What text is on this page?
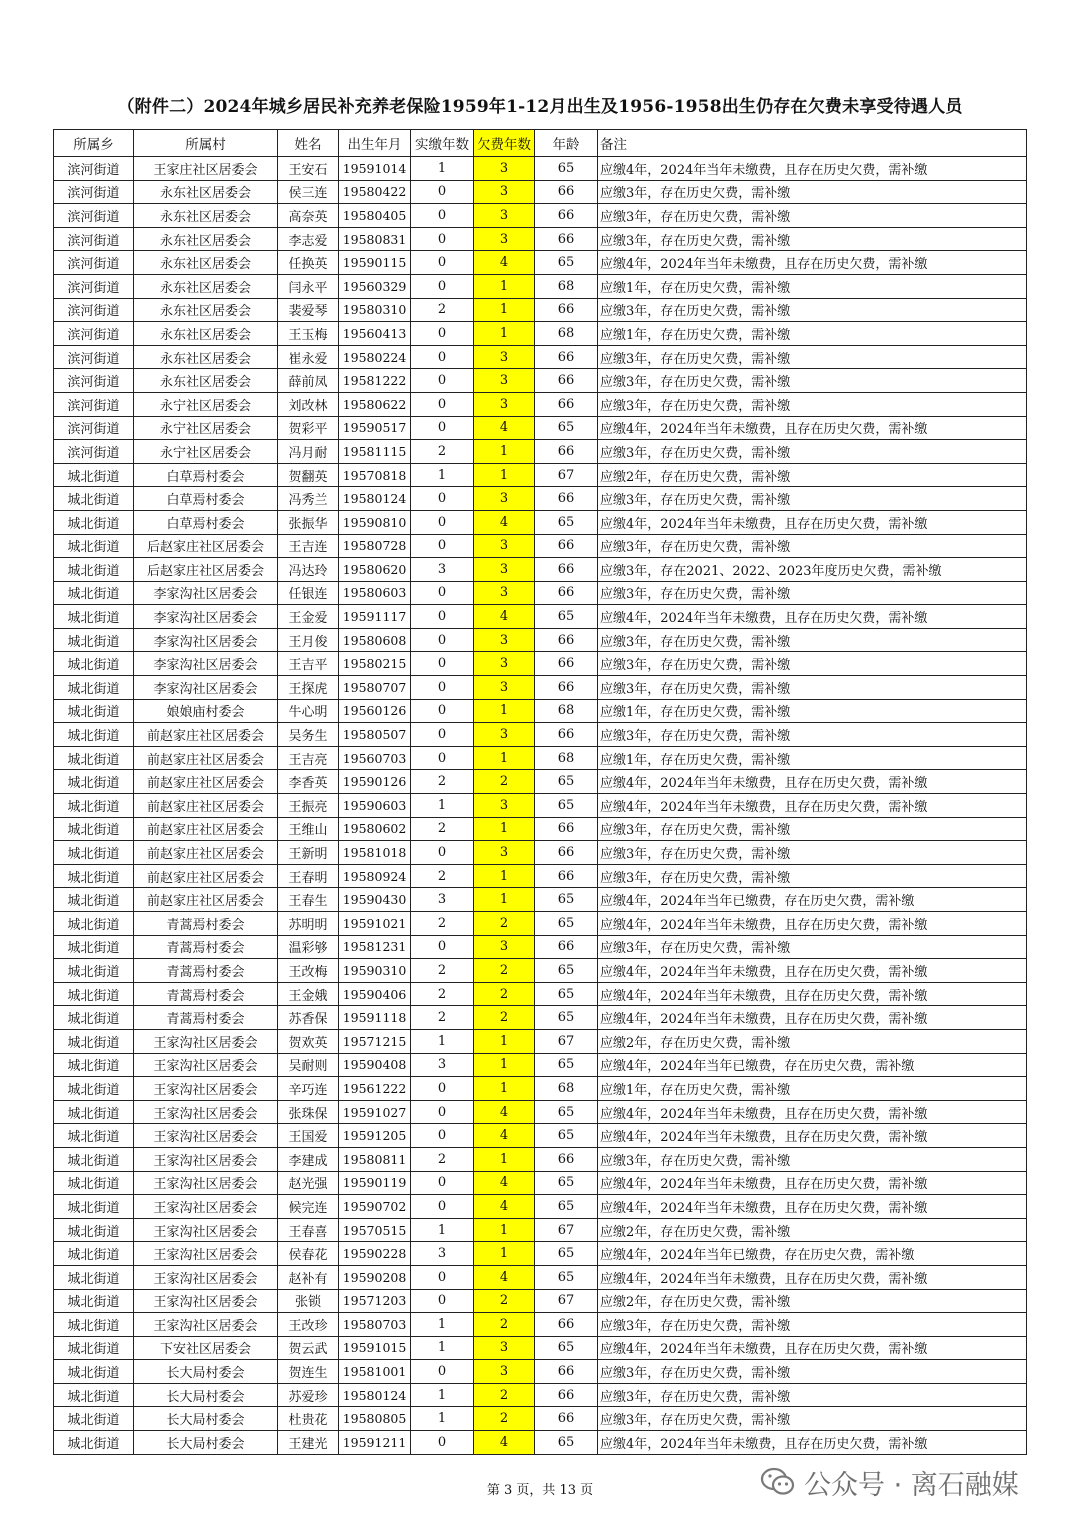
（附件二）2024年城乡居民补充养老保险1959年1-12月出生及1956-1958出生仍存在欠费未享受待遇人员
所属乡	所属村	姓名	出生年月	实缴年数	欠费年数	年龄	备注
滨河街道	王家庄社区居委会	王安石	19591014	1	3	65	应缴4年，2024年当年未缴费，且存在历史欠费，需补缴
滨河街道	永东社区居委会	侯三连	19580422	0	3	66	应缴3年，存在历史欠费，需补缴
滨河街道	永东社区居委会	高奈英	19580405	0	3	66	应缴3年，存在历史欠费，需补缴
滨河街道	永东社区居委会	李志爱	19580831	0	3	66	应缴3年，存在历史欠费，需补缴
滨河街道	永东社区居委会	任换英	19590115	0	4	65	应缴4年，2024年当年未缴费，且存在历史欠费，需补缴
滨河街道	永东社区居委会	闫永平	19560329	0	1	68	应缴1年，存在历史欠费，需补缴
滨河街道	永东社区居委会	裴爱琴	19580310	2	1	66	应缴3年，存在历史欠费，需补缴
滨河街道	永东社区居委会	王玉梅	19560413	0	1	68	应缴1年，存在历史欠费，需补缴
滨河街道	永东社区居委会	崔永爱	19580224	0	3	66	应缴3年，存在历史欠费，需补缴
滨河街道	永东社区居委会	薛前凤	19581222	0	3	66	应缴3年，存在历史欠费，需补缴
滨河街道	永宁社区居委会	刘改林	19580622	0	3	66	应缴3年，存在历史欠费，需补缴
滨河街道	永宁社区居委会	贺彩平	19590517	0	4	65	应缴4年，2024年当年未缴费，且存在历史欠费，需补缴
滨河街道	永宁社区居委会	冯月耐	19581115	2	1	66	应缴3年，存在历史欠费，需补缴
城北街道	白草焉村委会	贺翻英	19570818	1	1	67	应缴2年，存在历史欠费，需补缴
城北街道	白草焉村委会	冯秀兰	19580124	0	3	66	应缴3年，存在历史欠费，需补缴
城北街道	白草焉村委会	张振华	19590810	0	4	65	应缴4年，2024年当年未缴费，且存在历史欠费，需补缴
城北街道	后赵家庄社区居委会	王吉连	19580728	0	3	66	应缴3年，存在历史欠费，需补缴
城北街道	后赵家庄社区居委会	冯达玲	19580620	3	3	66	应缴3年，存在2021、2022、2023年度历史欠费，需补缴
城北街道	李家沟社区居委会	任银连	19580603	0	3	66	应缴3年，存在历史欠费，需补缴
城北街道	李家沟社区居委会	王金爱	19591117	0	4	65	应缴4年，2024年当年未缴费，且存在历史欠费，需补缴
城北街道	李家沟社区居委会	王月俊	19580608	0	3	66	应缴3年，存在历史欠费，需补缴
城北街道	李家沟社区居委会	王吉平	19580215	0	3	66	应缴3年，存在历史欠费，需补缴
城北街道	李家沟社区居委会	王探虎	19580707	0	3	66	应缴3年，存在历史欠费，需补缴
城北街道	娘娘庙村委会	牛心明	19560126	0	1	68	应缴1年，存在历史欠费，需补缴
城北街道	前赵家庄社区居委会	吴务生	19580507	0	3	66	应缴3年，存在历史欠费，需补缴
城北街道	前赵家庄社区居委会	王吉亮	19560703	0	1	68	应缴1年，存在历史欠费，需补缴
城北街道	前赵家庄社区居委会	李香英	19590126	2	2	65	应缴4年，2024年当年未缴费，且存在历史欠费，需补缴
城北街道	前赵家庄社区居委会	王振亮	19590603	1	3	65	应缴4年，2024年当年未缴费，且存在历史欠费，需补缴
城北街道	前赵家庄社区居委会	王维山	19580602	2	1	66	应缴3年，存在历史欠费，需补缴
城北街道	前赵家庄社区居委会	王新明	19581018	0	3	66	应缴3年，存在历史欠费，需补缴
城北街道	前赵家庄社区居委会	王春明	19580924	2	1	66	应缴3年，存在历史欠费，需补缴
城北街道	前赵家庄社区居委会	王春生	19590430	3	1	65	应缴4年，2024年当年已缴费，存在历史欠费，需补缴
城北街道	青蒿焉村委会	苏明明	19591021	2	2	65	应缴4年，2024年当年未缴费，且存在历史欠费，需补缴
城北街道	青蒿焉村委会	温彩够	19581231	0	3	66	应缴3年，存在历史欠费，需补缴
城北街道	青蒿焉村委会	王改梅	19590310	2	2	65	应缴4年，2024年当年未缴费，且存在历史欠费，需补缴
城北街道	青蒿焉村委会	王金娥	19590406	2	2	65	应缴4年，2024年当年未缴费，且存在历史欠费，需补缴
城北街道	青蒿焉村委会	苏香保	19591118	2	2	65	应缴4年，2024年当年未缴费，且存在历史欠费，需补缴
城北街道	王家沟社区居委会	贺欢英	19571215	1	1	67	应缴2年，存在历史欠费，需补缴
城北街道	王家沟社区居委会	吴耐则	19590408	3	1	65	应缴4年，2024年当年已缴费，存在历史欠费，需补缴
城北街道	王家沟社区居委会	辛巧连	19561222	0	1	68	应缴1年，存在历史欠费，需补缴
城北街道	王家沟社区居委会	张珠保	19591027	0	4	65	应缴4年，2024年当年未缴费，且存在历史欠费，需补缴
城北街道	王家沟社区居委会	王国爱	19591205	0	4	65	应缴4年，2024年当年未缴费，且存在历史欠费，需补缴
城北街道	王家沟社区居委会	李建成	19580811	2	1	66	应缴3年，存在历史欠费，需补缴
城北街道	王家沟社区居委会	赵光强	19590119	0	4	65	应缴4年，2024年当年未缴费，且存在历史欠费，需补缴
城北街道	王家沟社区居委会	候完连	19590702	0	4	65	应缴4年，2024年当年未缴费，且存在历史欠费，需补缴
城北街道	王家沟社区居委会	王春喜	19570515	1	1	67	应缴2年，存在历史欠费，需补缴
城北街道	王家沟社区居委会	侯春花	19590228	3	1	65	应缴4年，2024年当年已缴费，存在历史欠费，需补缴
城北街道	王家沟社区居委会	赵补有	19590208	0	4	65	应缴4年，2024年当年未缴费，且存在历史欠费，需补缴
城北街道	王家沟社区居委会	张锁	19571203	0	2	67	应缴2年，存在历史欠费，需补缴
城北街道	王家沟社区居委会	王改珍	19580703	1	2	66	应缴3年，存在历史欠费，需补缴
城北街道	下安社区居委会	贺云武	19591015	1	3	65	应缴4年，2024年当年未缴费，且存在历史欠费，需补缴
城北街道	长大局村委会	贺连生	19581001	0	3	66	应缴3年，存在历史欠费，需补缴
城北街道	长大局村委会	苏爱珍	19580124	1	2	66	应缴3年，存在历史欠费，需补缴
城北街道	长大局村委会	杜贵花	19580805	1	2	66	应缴3年，存在历史欠费，需补缴
城北街道	长大局村委会	王建光	19591211	0	4	65	应缴4年，2024年当年未缴费，且存在历史欠费，需补缴
第 3 页，共 13 页	公众号 · 离石融媒
